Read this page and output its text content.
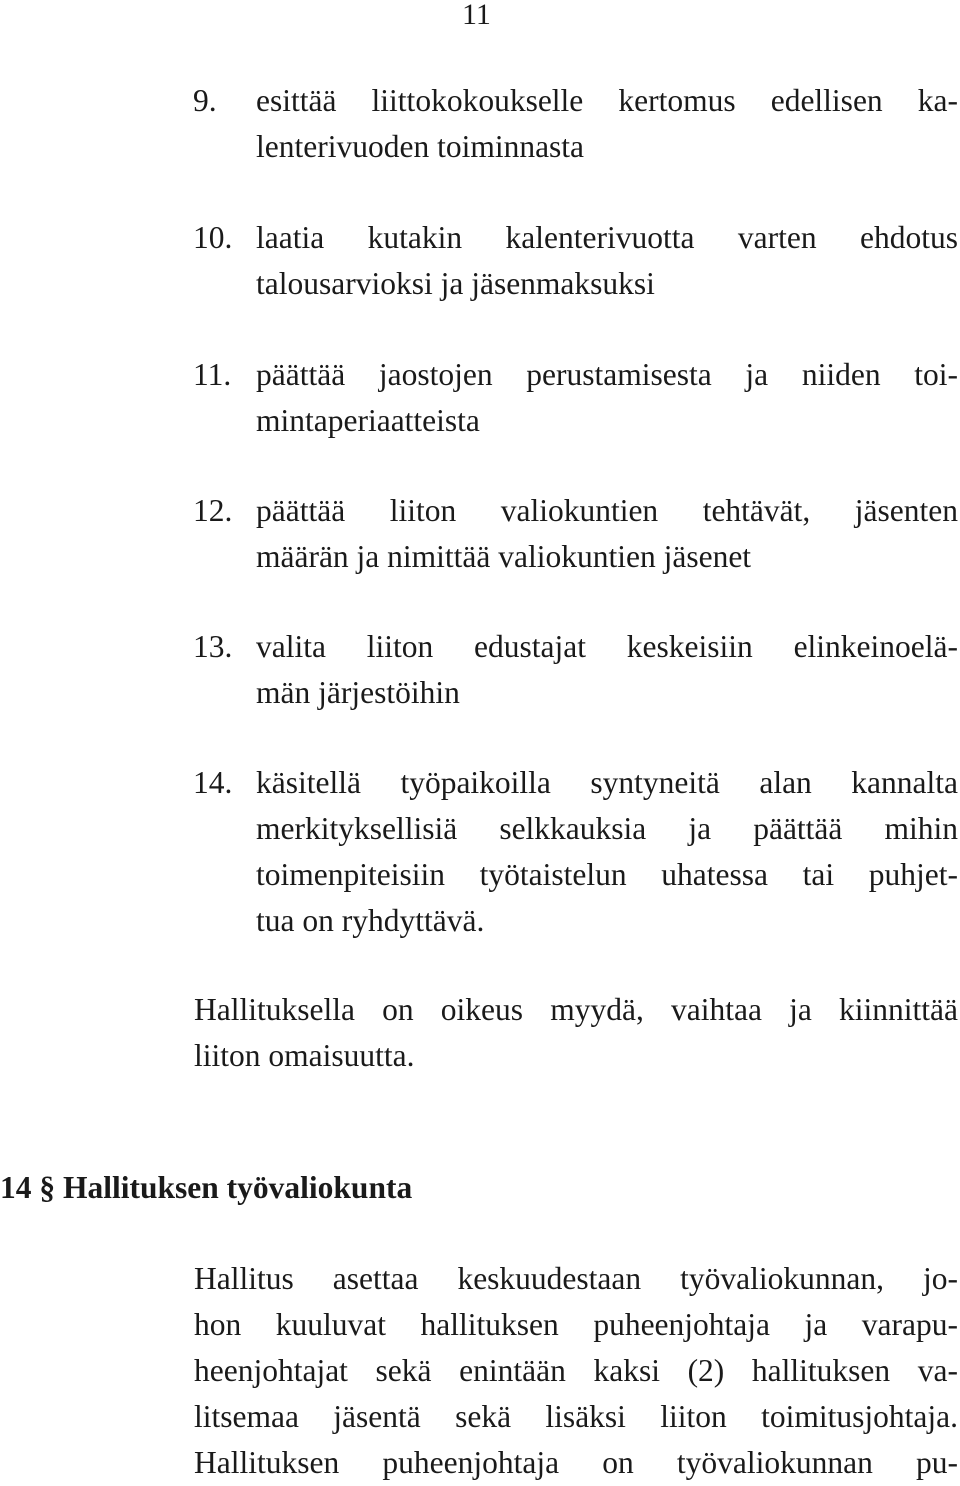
11
9. esittää liittokokoukselle kertomus edellisen ka-
lenterivuoden toiminnasta
10. laatia kutakin kalenterivuotta varten ehdotus
talousarvioksi ja jäsenmaksuksi
11. päättää jaostojen perustamisesta ja niiden toi-
mintaperiaatteista
12. päättää liiton valiokuntien tehtävät, jäsenten
määrän ja nimittää valiokuntien jäsenet
13. valita liiton edustajat keskeisiin elinkeinoelä-
män järjestöihin
14. käsitellä työpaikoilla syntyneitä alan kannalta
merkityksellisiä selkkauksia ja päättää mihin
toimenpiteisiin työtaistelun uhatessa tai puhjet-
tua on ryhdyttävä.
Hallituksella on oikeus myydä, vaihtaa ja kiinnittää
liiton omaisuutta.
14 § Hallituksen työvaliokunta
Hallitus asettaa keskuudestaan työvaliokunnan, jo-
hon kuuluvat hallituksen puheenjohtaja ja varapu-
heenjohtajat sekä enintään kaksi (2) hallituksen va-
litsemaa jäsentä sekä lisäksi liiton toimitusjohtaja.
Hallituksen puheenjohtaja on työvaliokunnan pu-
